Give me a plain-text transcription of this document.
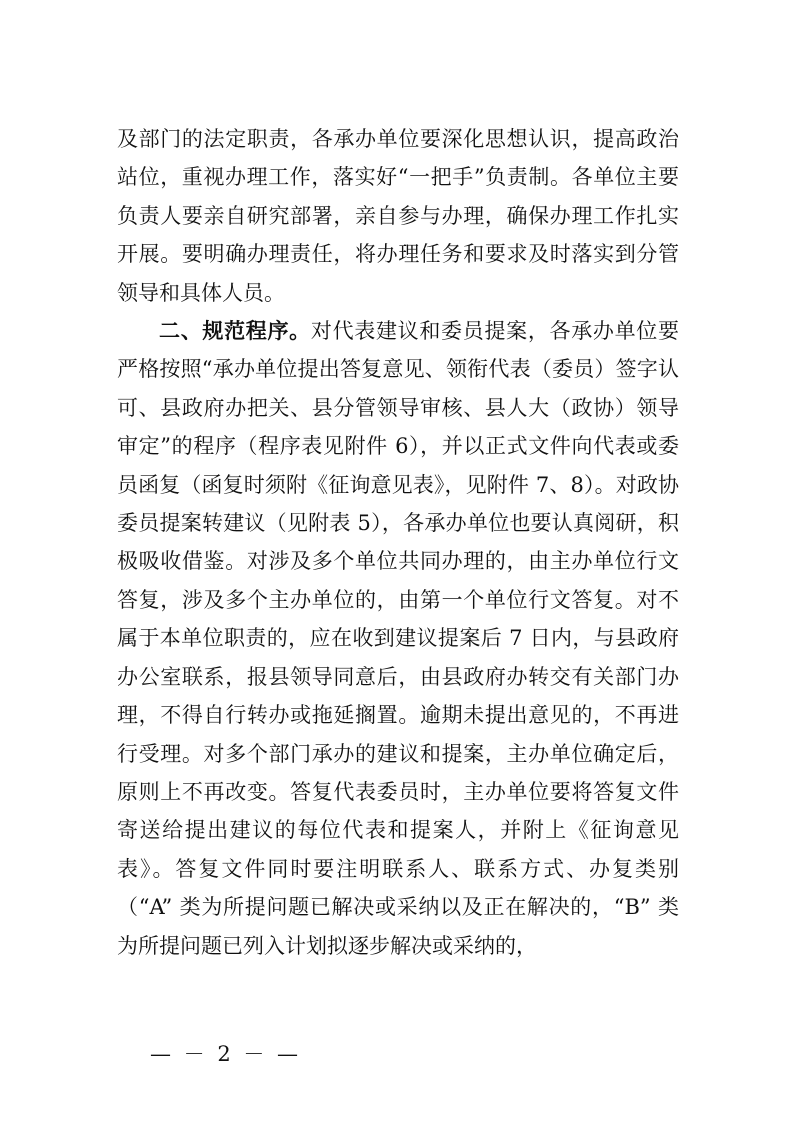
及部门的法定职责，各承办单位要深化思想认识，提高政治站位，重视办理工作，落实好“一把手”负责制。各单位主要负责人要亲自研究部署，亲自参与办理，确保办理工作扎实开展。要明确办理责任，将办理任务和要求及时落实到分管领导和具体人员。

二、规范程序。对代表建议和委员提案，各承办单位要严格按照“承办单位提出答复意见、领衔代表（委员）签字认可、县政府办把关、县分管领导审核、县人大（政协）领导审定”的程序（程序表见附件 6），并以正式文件向代表或委员函复（函复时须附《征询意见表》，见附件 7、8）。对政协委员提案转建议（见附表 5），各承办单位也要认真阅研，积极吸收借鉴。对涉及多个单位共同办理的，由主办单位行文答复，涉及多个主办单位的，由第一个单位行文答复。对不属于本单位职责的，应在收到建议提案后 7 日内，与县政府办公室联系，报县领导同意后，由县政府办转交有关部门办理，不得自行转办或拖延搁置。逾期未提出意见的，不再进行受理。对多个部门承办的建议和提案，主办单位确定后，原则上不再改变。答复代表委员时，主办单位要将答复文件寄送给提出建议的每位代表和提案人，并附上《征询意见表》。答复文件同时要注明联系人、联系方式、办复类别（“A” 类为所提问题已解决或采纳以及正在解决的，“B” 类为所提问题已列入计划拟逐步解决或采纳的，

— － 2 － —
